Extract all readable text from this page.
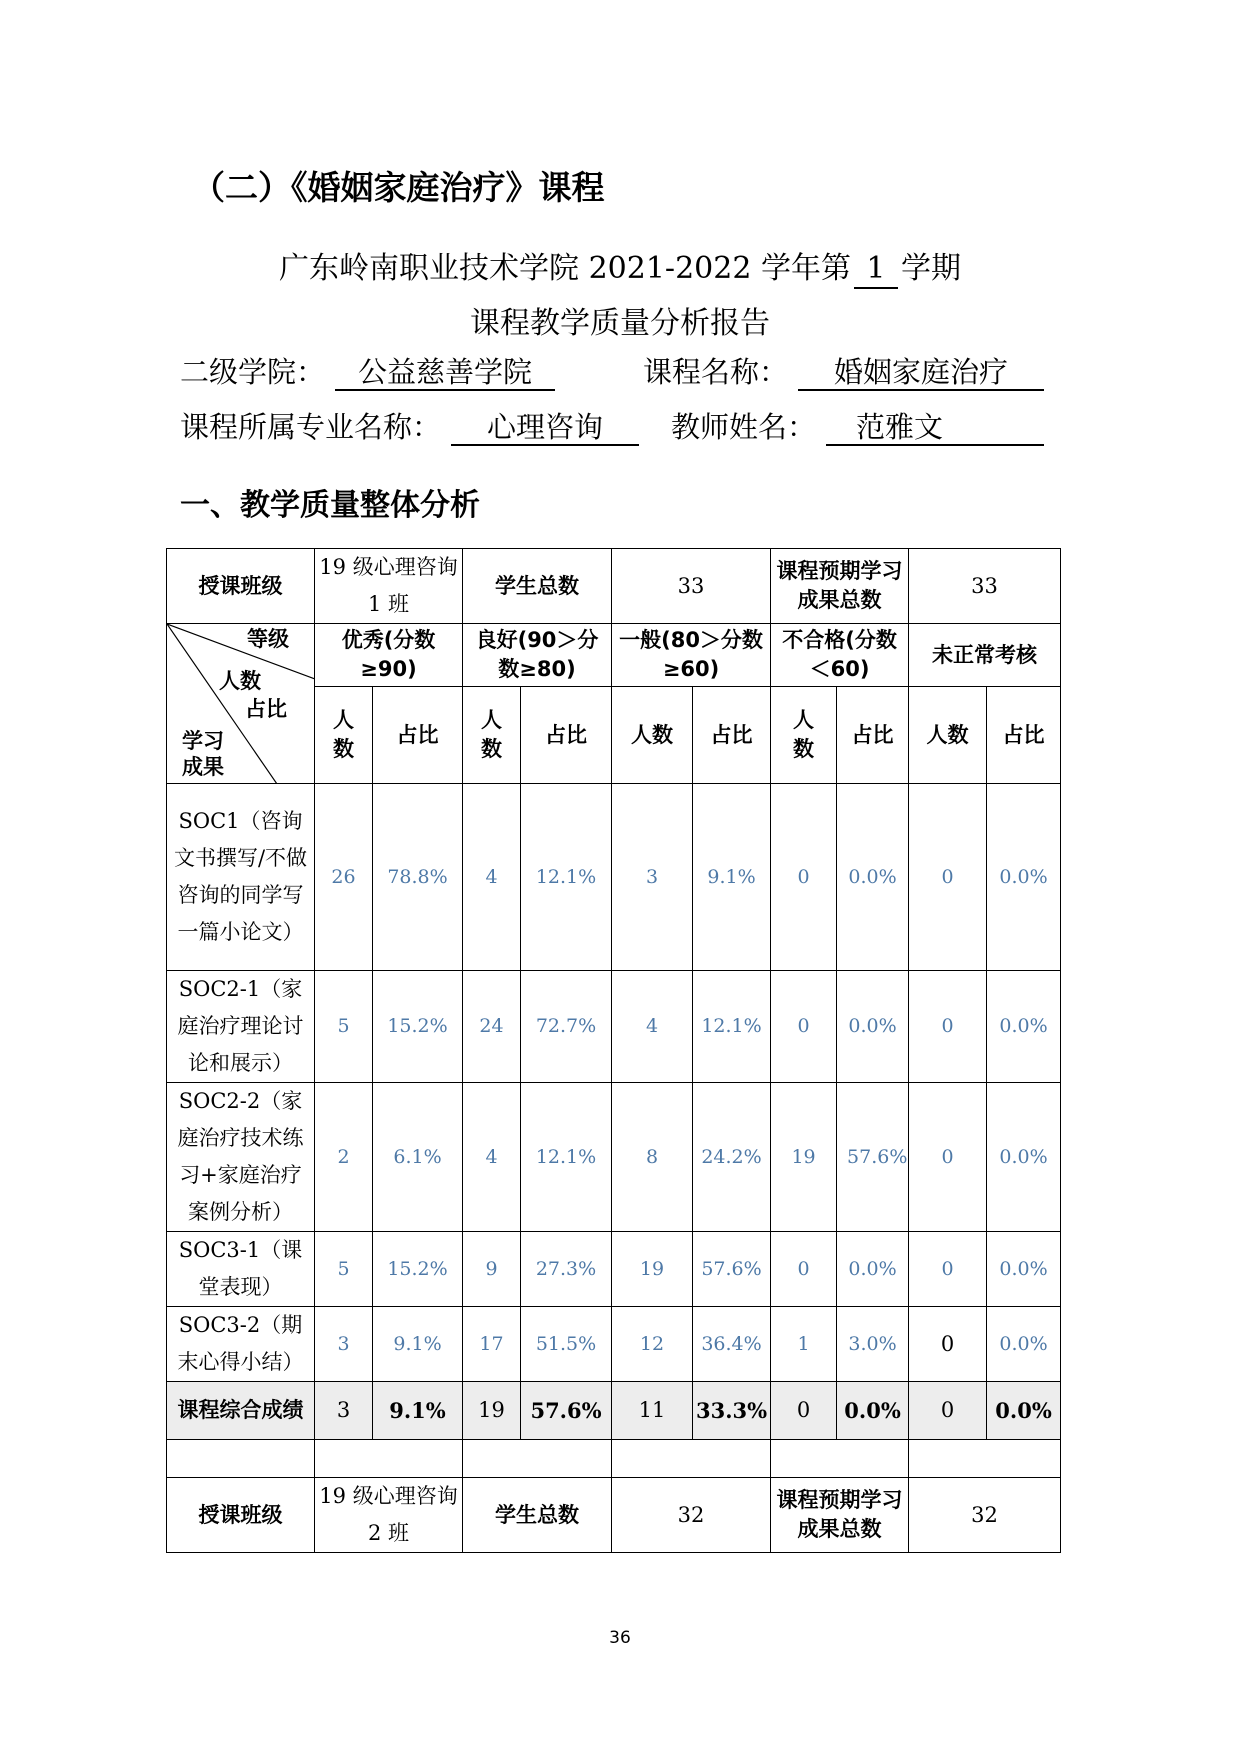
（二）《婚姻家庭治疗》课程
广东岭南职业技术学院 2021-2022 学年第 1 学期
课程教学质量分析报告
二级学院： 公益慈善学院	课程名称： 婚姻家庭治疗
课程所属专业名称： 心理咨询 教师姓名： 范雅文
一、教学质量整体分析
授课班级	19 级心理咨询 1 班		学生总数		33		课程预期学习成果总数		33	

等级
人数
占比
学习成果	优秀(分数≥90)		良好(90＞分数≥80)		一般(80＞分数≥60)		不合格(分数＜60)		未正常考核	
	人数	占比	人数	占比	人数	占比	人数	占比	人数	占比
SOC1（咨询文书撰写/不做咨询的同学写一篇小论文）	26	78.8%	4	12.1%	3	9.1%	0	0.0%	0	0.0%
SOC2-1（家庭治疗理论讨论和展示）	5	15.2%	24	72.7%	4	12.1%	0	0.0%	0	0.0%
SOC2-2（家庭治疗技术练习+家庭治疗案例分析）	2	6.1%	4	12.1%	8	24.2%	19	57.6%	0	0.0%
SOC3-1（课堂表现）	5	15.2%	9	27.3%	19	57.6%	0	0.0%	0	0.0%
SOC3-2（期末心得小结）	3	9.1%	17	51.5%	12	36.4%	1	3.0%	0	0.0%
课程综合成绩	3	9.1%	19	57.6%	11	33.3%	0	0.0%	0	0.0%

授课班级	19 级心理咨询 2 班		学生总数		32		课程预期学习成果总数		32	
36
